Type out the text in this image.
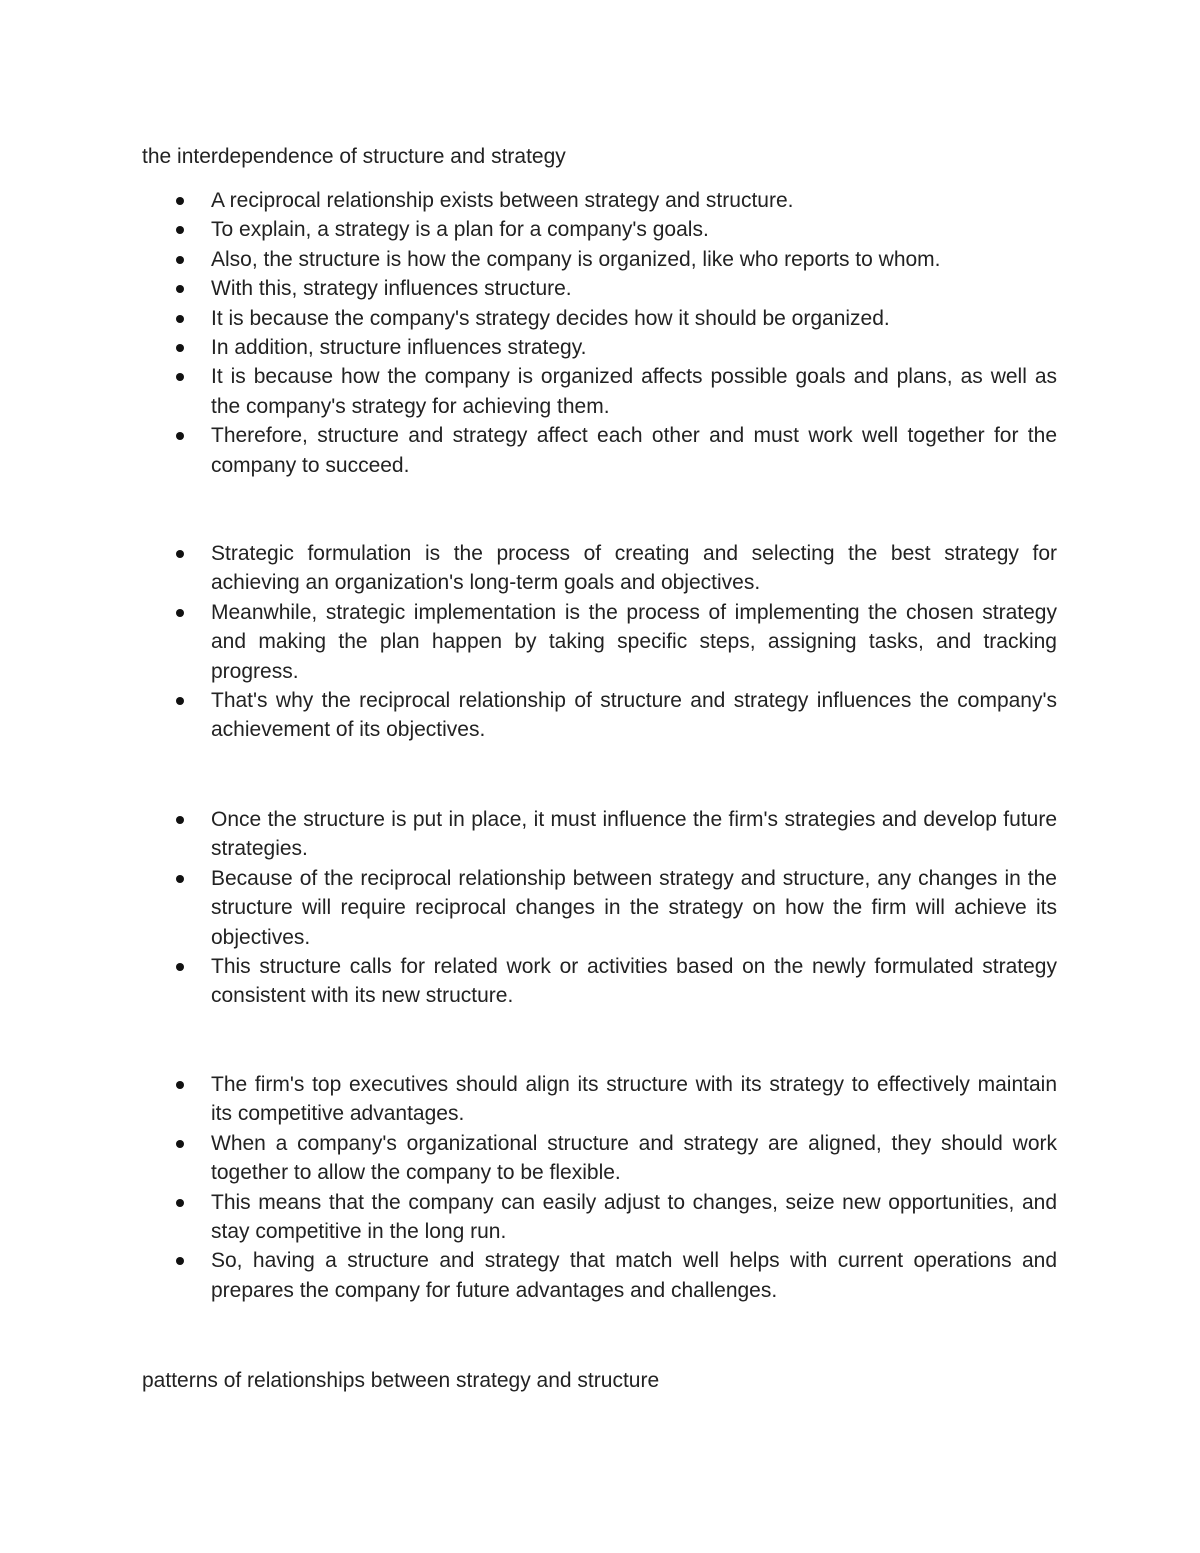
the interdependence of structure and strategy

A reciprocal relationship exists between strategy and structure.
To explain, a strategy is a plan for a company's goals.
Also, the structure is how the company is organized, like who reports to whom.
With this, strategy influences structure.
It is because the company's strategy decides how it should be organized.
In addition, structure influences strategy.
It is because how the company is organized affects possible goals and plans, as well as the company's strategy for achieving them.
Therefore, structure and strategy affect each other and must work well together for the company to succeed.
Strategic formulation is the process of creating and selecting the best strategy for achieving an organization's long-term goals and objectives.
Meanwhile, strategic implementation is the process of implementing the chosen strategy and making the plan happen by taking specific steps, assigning tasks, and tracking progress.
That's why the reciprocal relationship of structure and strategy influences the company's achievement of its objectives.
Once the structure is put in place, it must influence the firm's strategies and develop future strategies.
Because of the reciprocal relationship between strategy and structure, any changes in the structure will require reciprocal changes in the strategy on how the firm will achieve its objectives.
This structure calls for related work or activities based on the newly formulated strategy consistent with its new structure.
The firm's top executives should align its structure with its strategy to effectively maintain its competitive advantages.
When a company's organizational structure and strategy are aligned, they should work together to allow the company to be flexible.
This means that the company can easily adjust to changes, seize new opportunities, and stay competitive in the long run.
So, having a structure and strategy that match well helps with current operations and prepares the company for future advantages and challenges.

patterns of relationships between strategy and structure
